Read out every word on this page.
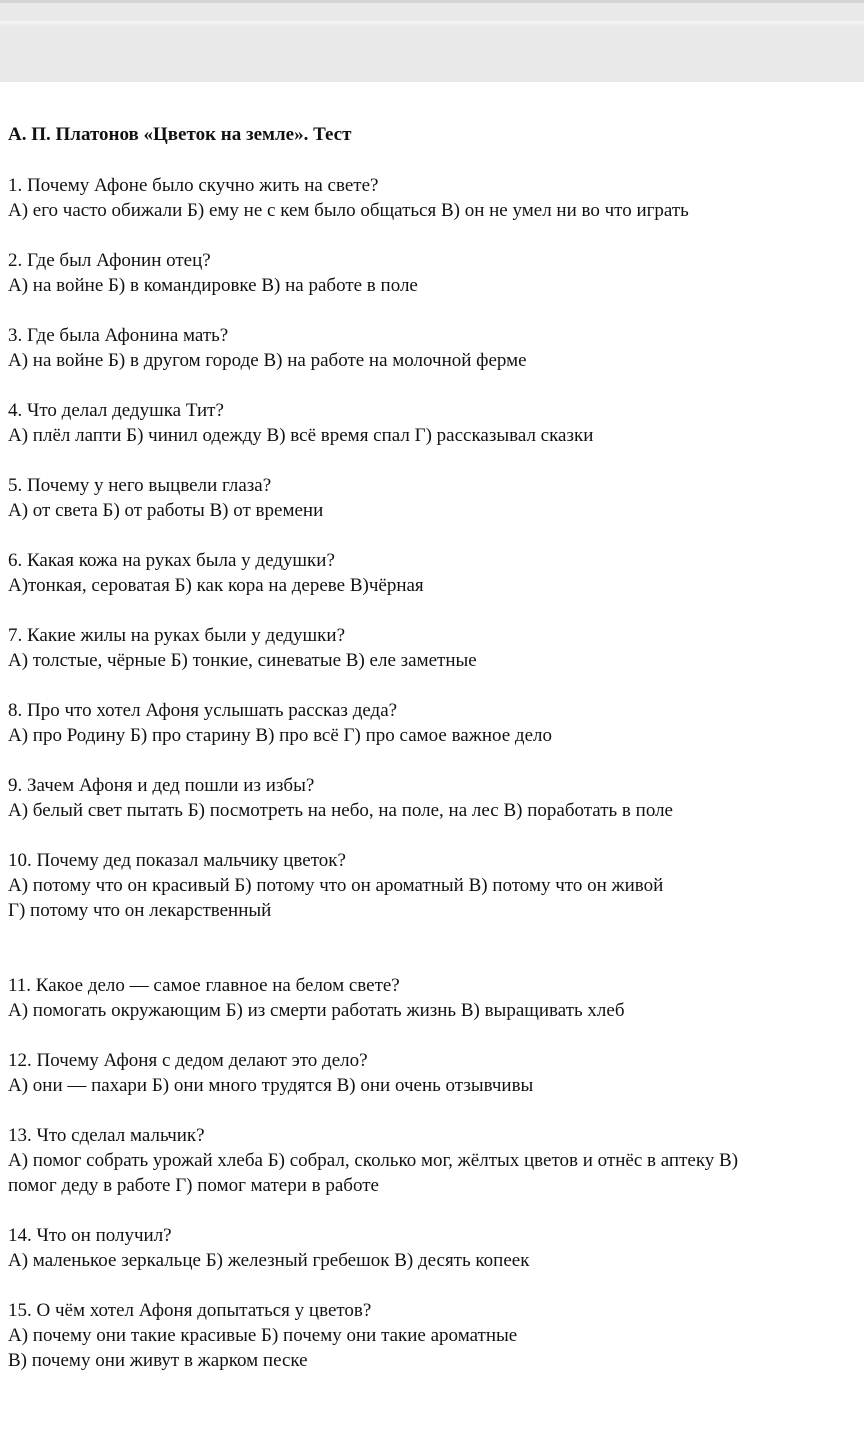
А. П. Платонов «Цветок на земле». Тест
1. Почему Афоне было скучно жить на свете?
А) его часто обижали Б) ему не с кем было общаться В) он не умел ни во что играть
2. Где был Афонин отец?
А) на войне Б) в командировке В) на работе в поле
3. Где была Афонина мать?
А) на войне Б) в другом городе В) на работе на молочной ферме
4. Что делал дедушка Тит?
А) плёл лапти Б) чинил одежду В) всё время спал Г) рассказывал сказки
5. Почему у него выцвели глаза?
А) от света Б) от работы В) от времени
6. Какая кожа на руках была у дедушки?
А)тонкая, сероватая Б) как кора на дереве В)чёрная
7. Какие жилы на руках были у дедушки?
А) толстые, чёрные Б) тонкие, синеватые В) еле заметные
8. Про что хотел Афоня услышать рассказ деда?
А) про Родину Б) про старину В) про всё Г) про самое важное дело
9. Зачем Афоня и дед пошли из избы?
А) белый свет пытать Б) посмотреть на небо, на поле, на лес В) поработать в поле
10. Почему дед показал мальчику цветок?
А) потому что он красивый Б) потому что он ароматный В) потому что он живой
Г) потому что он лекарственный
11. Какое дело — самое главное на белом свете?
А) помогать окружающим Б) из смерти работать жизнь В) выращивать хлеб
12. Почему Афоня с дедом делают это дело?
А) они — пахари Б) они много трудятся В) они очень отзывчивы
13. Что сделал мальчик?
А) помог собрать урожай хлеба Б) собрал, сколько мог, жёлтых цветов и отнёс в аптеку В)
помог деду в работе Г) помог матери в работе
14. Что он получил?
А) маленькое зеркальце Б) железный гребешок В) десять копеек
15. О чём хотел Афоня допытаться у цветов?
А) почему они такие красивые Б) почему они такие ароматные
В) почему они живут в жарком песке
